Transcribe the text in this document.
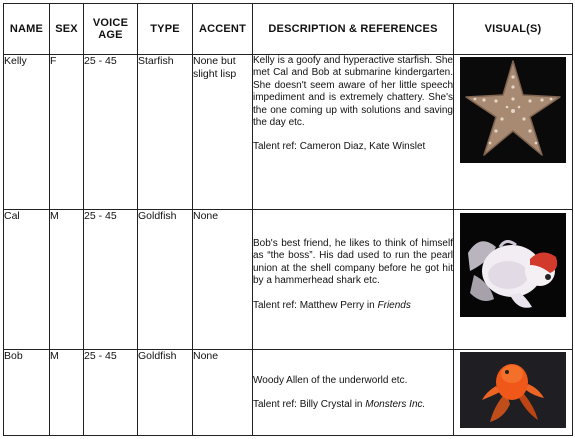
NAME	SEX	VOICE AGE	TYPE	ACCENT	DESCRIPTION & REFERENCES	VISUAL(S)
Kelly	F	25 - 45	Starfish	None but slight lisp	Kelly is a goofy and hyperactive starfish. She met Cal and Bob at submarine kindergarten. She doesn't seem aware of her little speech impediment and is extremely chattery. She's the one coming up with solutions and saving the day etc.

Talent ref: Cameron Diaz, Kate Winslet

Cal	M	25 - 45	Goldfish	None	Bob's best friend, he likes to think of himself as “the boss”. His dad used to run the pearl union at the shell company before he got hit by a hammerhead shark etc.

Talent ref: Matthew Perry in Friends

Bob	M	25 - 45	Goldfish	None	Woody Allen of the underworld etc.

Talent ref: Billy Crystal in Monsters Inc.
